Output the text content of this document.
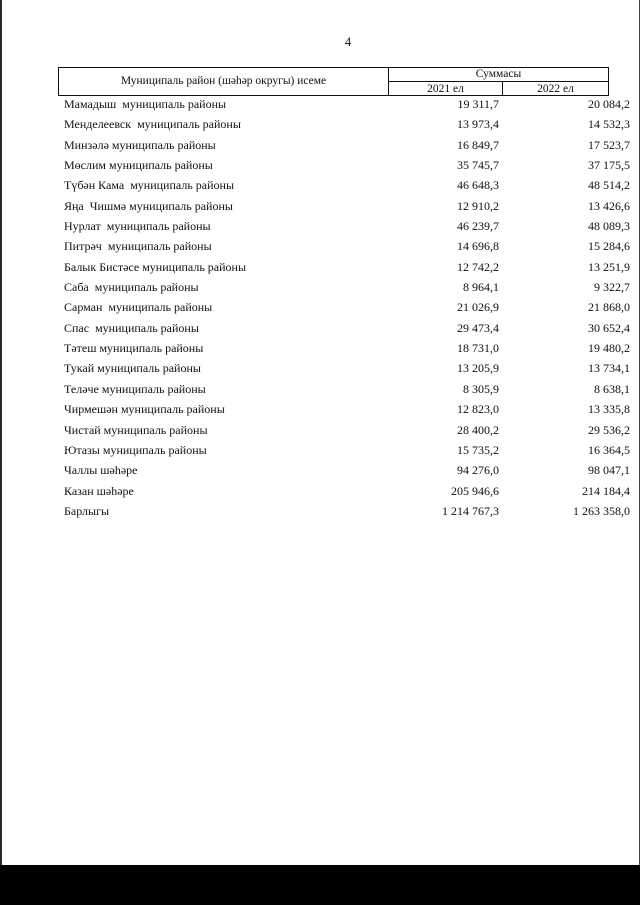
4
Муниципаль район (шәһәр округы) исеме
Суммасы
2021 ел	2022 ел
Мамадыш  муниципаль районы	19 311,7	20 084,2
Менделеевск  муниципаль районы	13 973,4	14 532,3
Минзәлә муниципаль районы	16 849,7	17 523,7
Мөслим муниципаль районы	35 745,7	37 175,5
Түбән Кама  муниципаль районы	46 648,3	48 514,2
Яңа  Чишмә муниципаль районы	12 910,2	13 426,6
Нурлат  муниципаль районы	46 239,7	48 089,3
Питрәч  муниципаль районы	14 696,8	15 284,6
Балык Бистәсе муниципаль районы	12 742,2	13 251,9
Саба  муниципаль районы	8 964,1	9 322,7
Сарман  муниципаль районы	21 026,9	21 868,0
Спас  муниципаль районы	29 473,4	30 652,4
Тәтеш муниципаль районы	18 731,0	19 480,2
Тукай муниципаль районы	13 205,9	13 734,1
Теләче муниципаль районы	8 305,9	8 638,1
Чирмешән муниципаль районы	12 823,0	13 335,8
Чистай муниципаль районы	28 400,2	29 536,2
Ютазы муниципаль районы	15 735,2	16 364,5
Чаллы шәһәре	94 276,0	98 047,1
Казан шәһәре	205 946,6	214 184,4
Барлыгы	1 214 767,3	1 263 358,0
